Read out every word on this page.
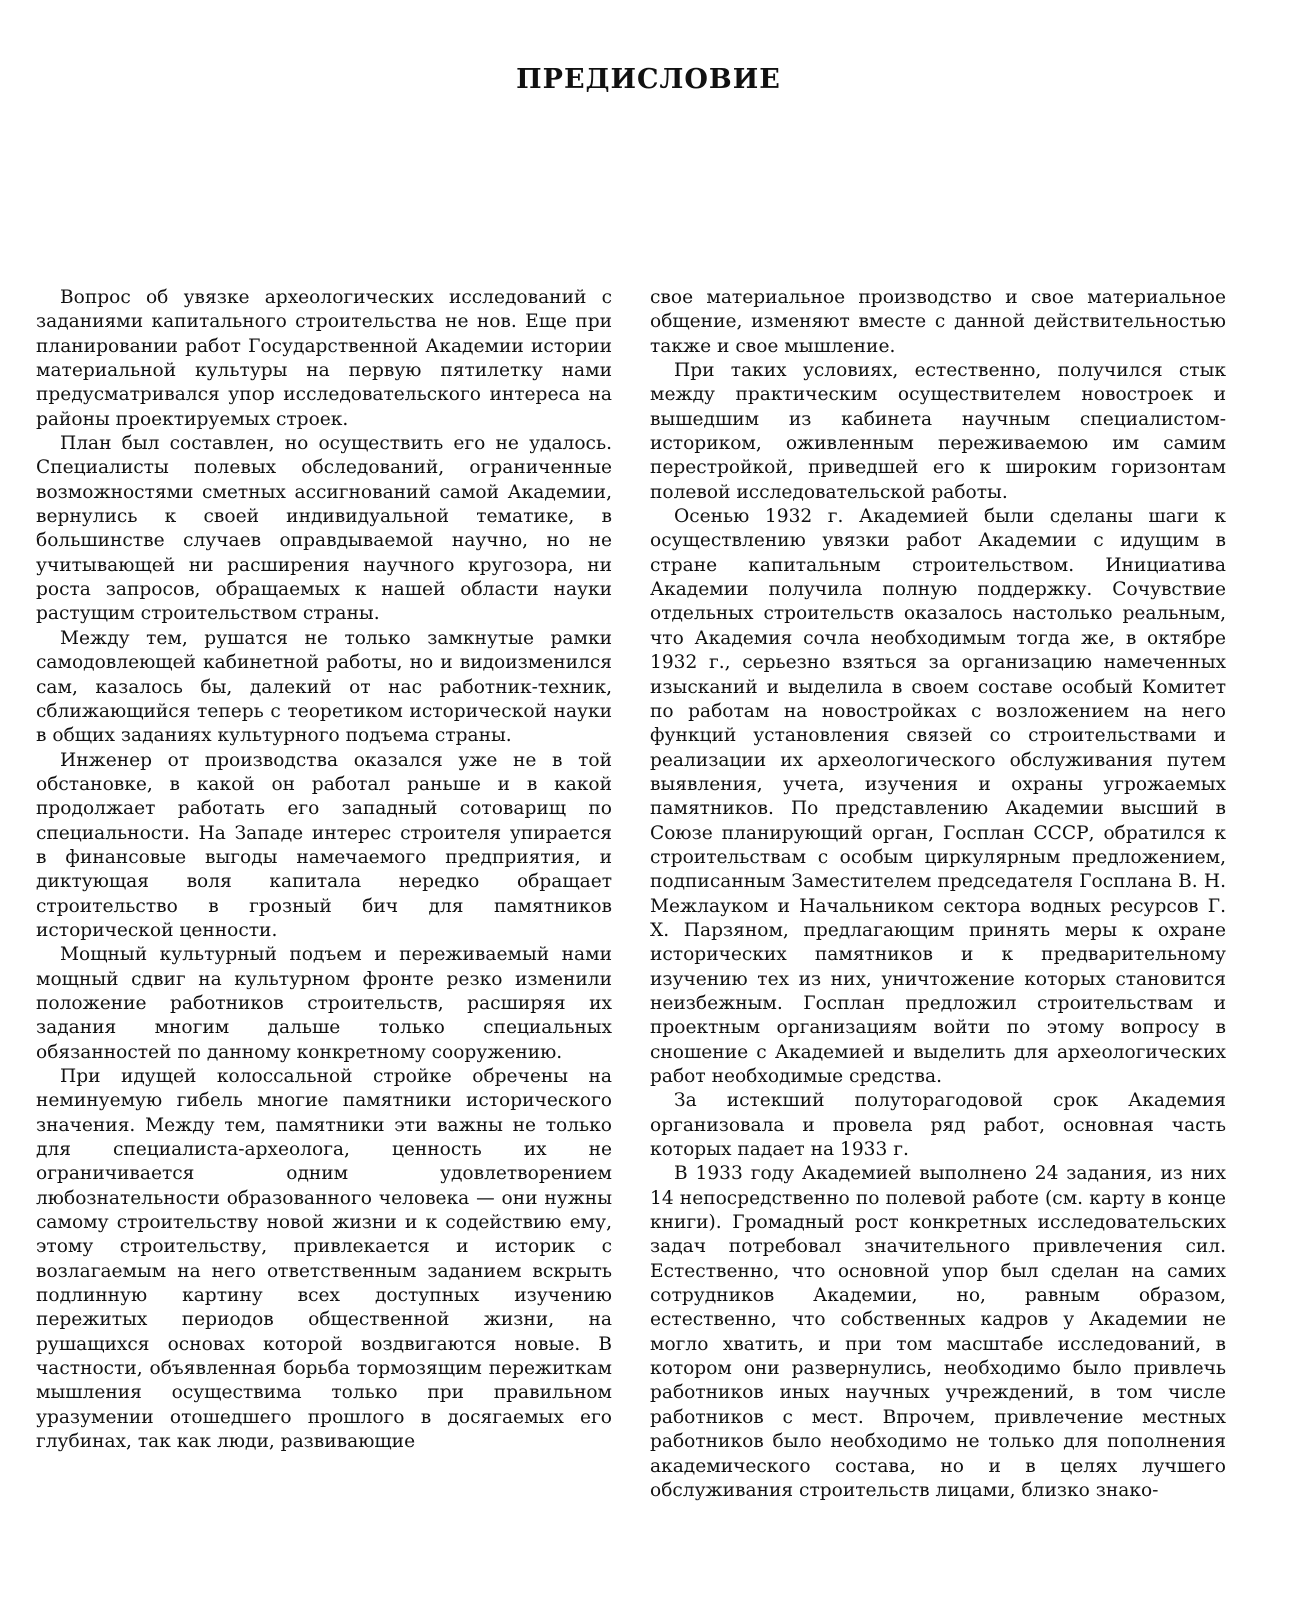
ПРЕДИСЛОВИЕ

Вопрос об увязке археологических исследований с заданиями капитального строительства не нов. Еще при планировании работ Государственной Академии истории материальной культуры на первую пятилетку нами предусматривался упор исследовательского интереса на районы проектируемых строек.

План был составлен, но осуществить его не удалось. Специалисты полевых обследований, ограниченные возможностями сметных ассигнований самой Академии, вернулись к своей индивидуальной тематике, в большинстве случаев оправдываемой научно, но не учитывающей ни расширения научного кругозора, ни роста запросов, обращаемых к нашей области науки растущим строительством страны.

Между тем, рушатся не только замкнутые рамки самодовлеющей кабинетной работы, но и видоизменился сам, казалось бы, далекий от нас работник-техник, сближающийся теперь с теоретиком исторической науки в общих заданиях культурного подъема страны.

Инженер от производства оказался уже не в той обстановке, в какой он работал раньше и в какой продолжает работать его западный сотоварищ по специальности. На Западе интерес строителя упирается в финансовые выгоды намечаемого предприятия, и диктующая воля капитала нередко обращает строительство в грозный бич для памятников исторической ценности.

Мощный культурный подъем и переживаемый нами мощный сдвиг на культурном фронте резко изменили положение работников строительств, расширяя их задания многим дальше только специальных обязанностей по данному конкретному сооружению.

При идущей колоссальной стройке обречены на неминуемую гибель многие памятники исторического значения. Между тем, памятники эти важны не только для специалиста-археолога, ценность их не ограничивается одним удовлетворением любознательности образованного человека — они нужны самому строительству новой жизни и к содействию ему, этому строительству, привлекается и историк с возлагаемым на него ответственным заданием вскрыть подлинную картину всех доступных изучению пережитых периодов общественной жизни, на рушащихся основах которой воздвигаются новые. В частности, объявленная борьба тормозящим пережиткам мышления осуществима только при правильном уразумении отошедшего прошлого в досягаемых его глубинах, так как люди, развивающие

свое материальное производство и свое материальное общение, изменяют вместе с данной действительностью также и свое мышление.

При таких условиях, естественно, получился стык между практическим осуществителем новостроек и вышедшим из кабинета научным специалистом-историком, оживленным переживаемою им самим перестройкой, приведшей его к широким горизонтам полевой исследовательской работы.

Осенью 1932 г. Академией были сделаны шаги к осуществлению увязки работ Академии с идущим в стране капитальным строительством. Инициатива Академии получила полную поддержку. Сочувствие отдельных строительств оказалось настолько реальным, что Академия сочла необходимым тогда же, в октябре 1932 г., серьезно взяться за организацию намеченных изысканий и выделила в своем составе особый Комитет по работам на новостройках с возложением на него функций установления связей со строительствами и реализации их археологического обслуживания путем выявления, учета, изучения и охраны угрожаемых памятников. По представлению Академии высший в Союзе планирующий орган, Госплан СССР, обратился к строительствам с особым циркулярным предложением, подписанным Заместителем председателя Госплана В. Н. Межлауком и Начальником сектора водных ресурсов Г. Х. Парзяном, предлагающим принять меры к охране исторических памятников и к предварительному изучению тех из них, уничтожение которых становится неизбежным. Госплан предложил строительствам и проектным организациям войти по этому вопросу в сношение с Академией и выделить для археологических работ необходимые средства.

За истекший полуторагодовой срок Академия организовала и провела ряд работ, основная часть которых падает на 1933 г.

В 1933 году Академией выполнено 24 задания, из них 14 непосредственно по полевой работе (см. карту в конце книги). Громадный рост конкретных исследовательских задач потребовал значительного привлечения сил. Естественно, что основной упор был сделан на самих сотрудников Академии, но, равным образом, естественно, что собственных кадров у Академии не могло хватить, и при том масштабе исследований, в котором они развернулись, необходимо было привлечь работников иных научных учреждений, в том числе работников с мест. Впрочем, привлечение местных работников было необходимо не только для пополнения академического состава, но и в целях лучшего обслуживания строительств лицами, близко знако-
